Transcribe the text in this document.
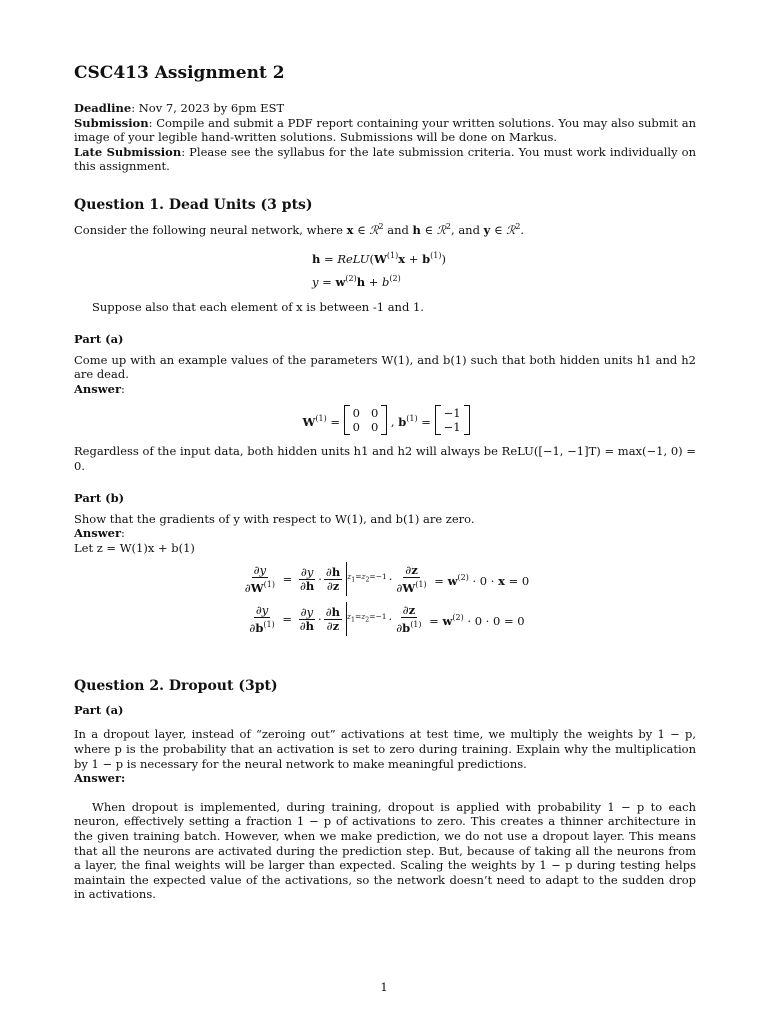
CSC413 Assignment 2

Deadline: Nov 7, 2023 by 6pm EST

Submission: Compile and submit a PDF report containing your written solutions. You may also submit an image of your legible hand-written solutions. Submissions will be done on Markus.

Late Submission: Please see the syllabus for the late submission criteria. You must work individually on this assignment.

Question 1. Dead Units (3 pts)

Consider the following neural network, where x ∈ ℛ$^2$ and h ∈ ℛ$^2$, and y ∈ ℛ$^2$.

$h = ReLU(W^{(1)}x + b^{(1)})$
$y = w^{(2)}h + b^{(2)}$

Suppose also that each element of x is between -1 and 1.

Part (a)

Come up with an example values of the parameters W(1), and b(1) such that both hidden units h1 and h2 are dead.

Answer:

$W^{(1)}$ =
0   0
0   0 , $b^{(1)}$ =
−1
−1

Regardless of the input data, both hidden units h1 and h2 will always be ReLU([−1, −1]T) = max(−1, 0) = 0.

Part (b)

Show that the gradients of y with respect to W(1), and b(1) are zero.

Answer:

Let z = W(1)x + b(1)

$\frac{\partial y}{\partial W^{(1)}} = \frac{\partial y}{\partial h} \cdot \frac{\partial h}{\partial z} z_1=z_2=-1 \cdot \frac{\partial z}{\partial W^{(1)}} = w^{(2)} \cdot 0 \cdot x = 0$
$\frac{\partial y}{\partial b^{(1)}} = \frac{\partial y}{\partial h} \cdot \frac{\partial h}{\partial z} z_1=z_2=-1 \cdot \frac{\partial z}{\partial b^{(1)}} = w^{(2)} \cdot 0 \cdot 0 = 0$
Question 2. Dropout (3pt)
Part (a)

In a dropout layer, instead of “zeroing out” activations at test time, we multiply the weights by 1 − p, where p is the probability that an activation is set to zero during training. Explain why the multiplication by 1 − p is necessary for the neural network to make meaningful predictions.

Answer:

When dropout is implemented, during training, dropout is applied with probability 1 − p to each neuron, effectively setting a fraction 1 − p of activations to zero. This creates a thinner architecture in the given training batch. However, when we make prediction, we do not use a dropout layer. This means that all the neurons are activated during the prediction step. But, because of taking all the neurons from a layer, the final weights will be larger than expected. Scaling the weights by 1 − p during testing helps maintain the expected value of the activations, so the network doesn’t need to adapt to the sudden drop in activations.

1
